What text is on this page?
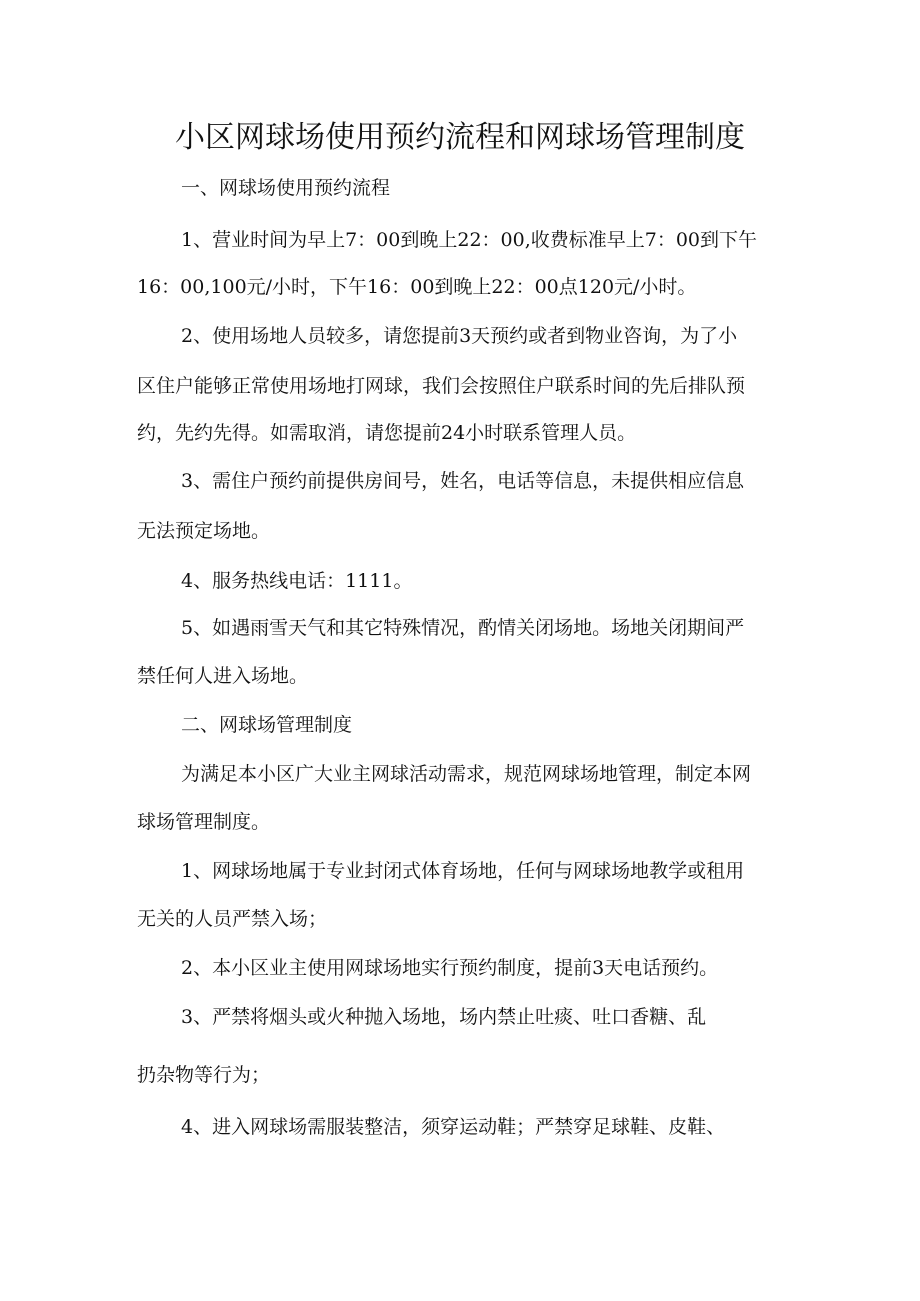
小区网球场使用预约流程和网球场管理制度
一、网球场使用预约流程
1、营业时间为早上7：00到晚上22：00,收费标准早上7：00到下午
16：00,100元/小时，下午16：00到晚上22：00点120元/小时。
2、使用场地人员较多，请您提前3天预约或者到物业咨询，为了小
区住户能够正常使用场地打网球，我们会按照住户联系时间的先后排队预
约，先约先得。如需取消，请您提前24小时联系管理人员。
3、需住户预约前提供房间号，姓名，电话等信息，未提供相应信息
无法预定场地。
4、服务热线电话：1111。
5、如遇雨雪天气和其它特殊情况，酌情关闭场地。场地关闭期间严
禁任何人进入场地。
二、网球场管理制度
为满足本小区广大业主网球活动需求，规范网球场地管理，制定本网
球场管理制度。
1、网球场地属于专业封闭式体育场地，任何与网球场地教学或租用
无关的人员严禁入场；
2、本小区业主使用网球场地实行预约制度，提前3天电话预约。
3、严禁将烟头或火种抛入场地，场内禁止吐痰、吐口香糖、乱
扔杂物等行为；
4、进入网球场需服装整洁，须穿运动鞋；严禁穿足球鞋、皮鞋、
